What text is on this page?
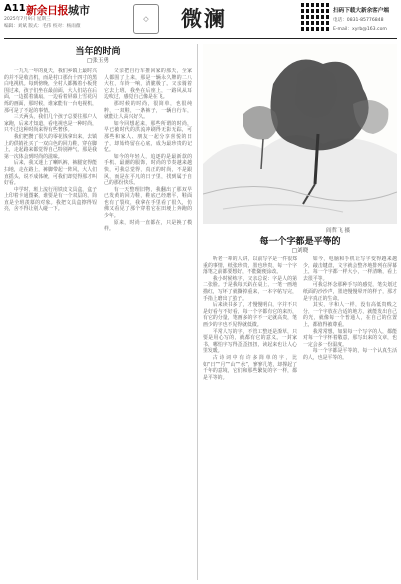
A11 新余日报 城市
2025年7月9日 星期三
编辑：刘斌 版式：毛伟 校对：杨雨薇
◇	微澜	扫码下载大新余客户端
电话：0831-85776848
E-mail：xyrb@163.com
当年的时尚
□张玉勇

一九九一年的夏天，我们乡镇上最时兴的并不是收音机，而是村口那台十四寸的黑白电视机。每到傍晚，全村人都搬着小板凳围过来，孩子们坐在最前面，大人们站在后面，一边摇着蒲扇，一边看着屏幕上雪花闪烁的画面，那时候，谁家能有一台电视机，那可是了不起的事情。

三天两头，我们几个孩子总要往那户人家跑，后来才知道，看电视也是一种时尚，只不过这种时尚来得有些奢侈。

我们把攒了很久的零花钱拿出来，去镇上的供销社买了一双白色的回力鞋，穿在脚上，走起路来都觉得自己特别神气，那是我第一次体会到时尚的滋味。

后来，我又迷上了喇叭裤，裤腿宽得能扫地，走在路上，裤脚带起一阵风，大人们直摇头，说不成体统，可我们却觉得那才叫好看。

中学时，班上流行用铁皮文具盒，盒子上印着卡通图案，谁要是有一个双层的，简直是全班羡慕的对象。我把文具盒擦得锃亮，舍不得让别人碰一下。

父亲把自行车推回家的那天，全家人都围了上来，那是一辆永久牌的二八大杠，车铃一响，清脆极了。父亲骑着它去上班，我坐在后座上，一路风从耳边吹过，感觉自己像是在飞。

那时候的时尚，很简单，也很纯粹，一双鞋，一条裤子，一辆自行车，就能让人高兴好久。

如今回想起来，那些所谓的时尚，早已被时代的洪流冲刷得无影无踪，可那些和家人、朋友一起分享喜悦的日子，却始终留在心底，成为最珍贵的记忆。

如今的年轻人，追逐的是最新款的手机、最潮的服饰，时尚的节奏越来越快，可我总觉得，真正的时尚，不是跟风，而是在平凡的日子里，找到属于自己的那份快乐。

有一天整理旧物，我翻出了那双早已发黄的回力鞋，鞋底已经磨平，鞋面也有了裂纹，我拿在手里看了很久，仿佛又看见了那个穿着它在田埂上奔跑的少年。

原来，时尚一直都在，只是换了模样。	阎哲飞 摄
每一个字都是平等的
□刘晓

听老一辈的人讲，以前写字是一件很郑重的事情，纸张珍贵，墨也珍贵，每一个字落笔之前都要想好，不能随便涂改。

我小时候练字，父亲总说：字是人的第二张脸。于是我每天趴在桌上，一笔一画地描红，写坏了就撕掉重来，一本字帖写完，手指上磨出了茧子。

后来读书多了，才慢慢明白，字并不只是好看与不好看，每一个字都有它的来历，有它的分量，笔画多的字不一定就高贵，笔画少的字也不见得就低微。

平常人写的字，不管工整还是潦草，只要是用心写的，就都有它的意义。一封家书，哪怕字写得歪歪扭扭，读起来也让人心里发暖。

古诗词中有许多简单的字，比如“日”“月”“山”“水”，寥寥几笔，却撑起了千年的意境，它们和那些繁复的字一样，都是平等的。

如今，电脑和手机让写字变得越来越少，敲击键盘，文字就会整齐地排列在屏幕上，每一个字都一样大小，一样清晰，看上去很平等。

可我总怀念那种手写的感觉，笔尖划过纸面的沙沙声，墨迹慢慢晕开的样子，那才是字真正的生命。

其实，字和人一样，没有高低贵贱之分，一个字放在合适的地方，就能发出自己的光，就像每一个普通人，在自己的位置上，都值得被尊重。

我常常想，如果每一个写字的人，都能对每一个字怀着敬意，那写出来的文章，也一定会多一份温度。

每一个字都是平等的，每一个认真生活的人，也是平等的。
